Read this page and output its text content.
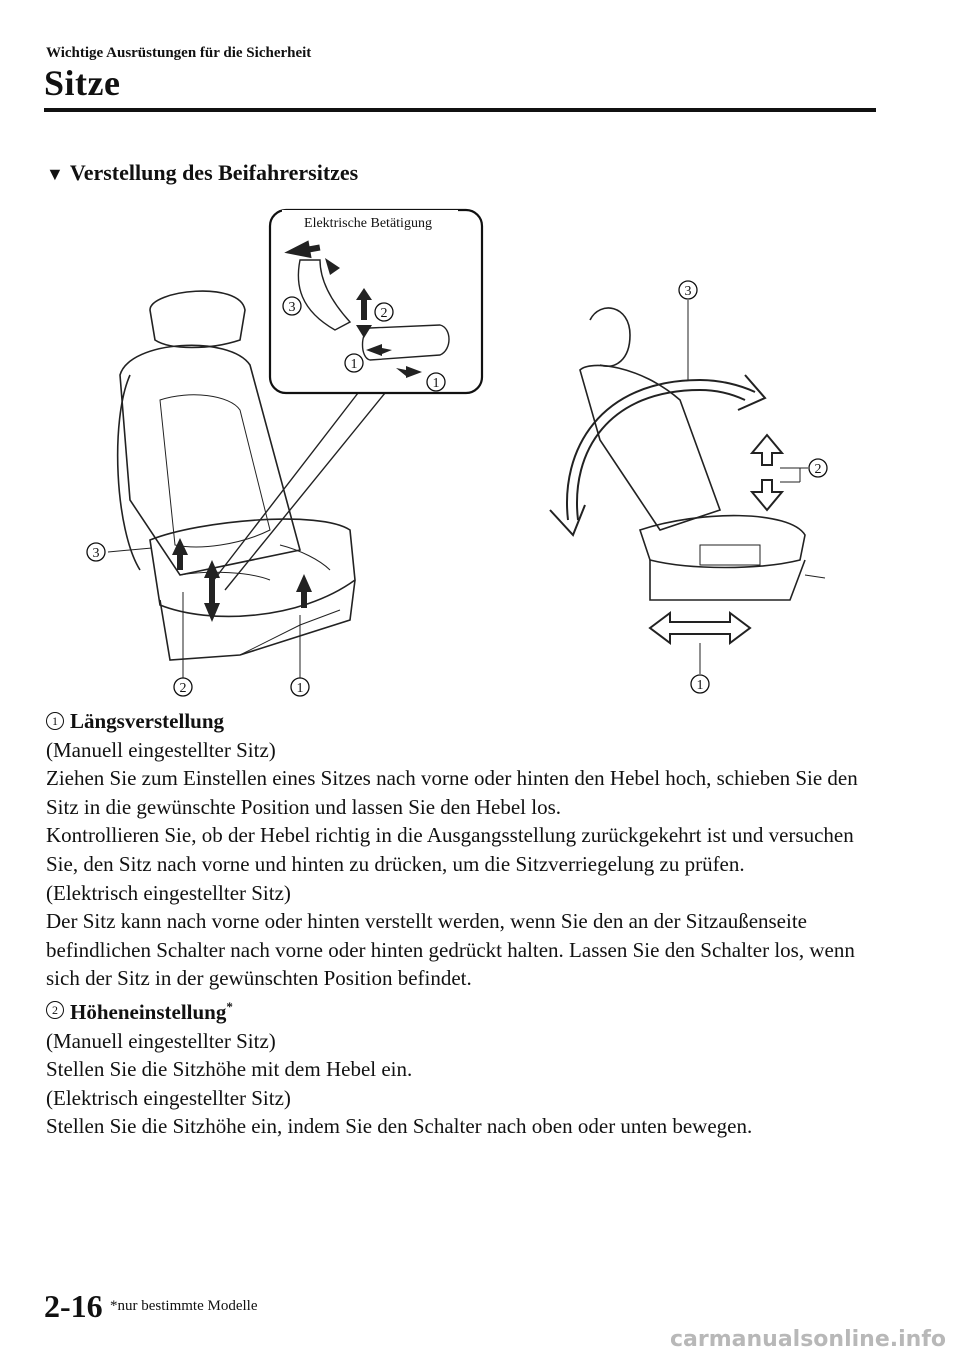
Wichtige Ausrüstungen für die Sicherheit
Sitze
▼ Verstellung des Beifahrersitzes
3
2	1
Elektrische Betätigung
3	2
1
1
3
2
1
1 Längsverstellung

(Manuell eingestellter Sitz)

Ziehen Sie zum Einstellen eines Sitzes nach vorne oder hinten den Hebel hoch, schieben Sie den Sitz in die gewünschte Position und lassen Sie den Hebel los.

Kontrollieren Sie, ob der Hebel richtig in die Ausgangsstellung zurückgekehrt ist und versuchen Sie, den Sitz nach vorne und hinten zu drücken, um die Sitzverriegelung zu prüfen.

(Elektrisch eingestellter Sitz)

Der Sitz kann nach vorne oder hinten verstellt werden, wenn Sie den an der Sitzaußenseite befindlichen Schalter nach vorne oder hinten gedrückt halten. Lassen Sie den Schalter los, wenn sich der Sitz in der gewünschten Position befindet.

2 Höheneinstellung*

(Manuell eingestellter Sitz)

Stellen Sie die Sitzhöhe mit dem Hebel ein.

(Elektrisch eingestellter Sitz)

Stellen Sie die Sitzhöhe ein, indem Sie den Schalter nach oben oder unten bewegen.

2-16 *nur bestimmte Modelle
carmanualsonline.info
